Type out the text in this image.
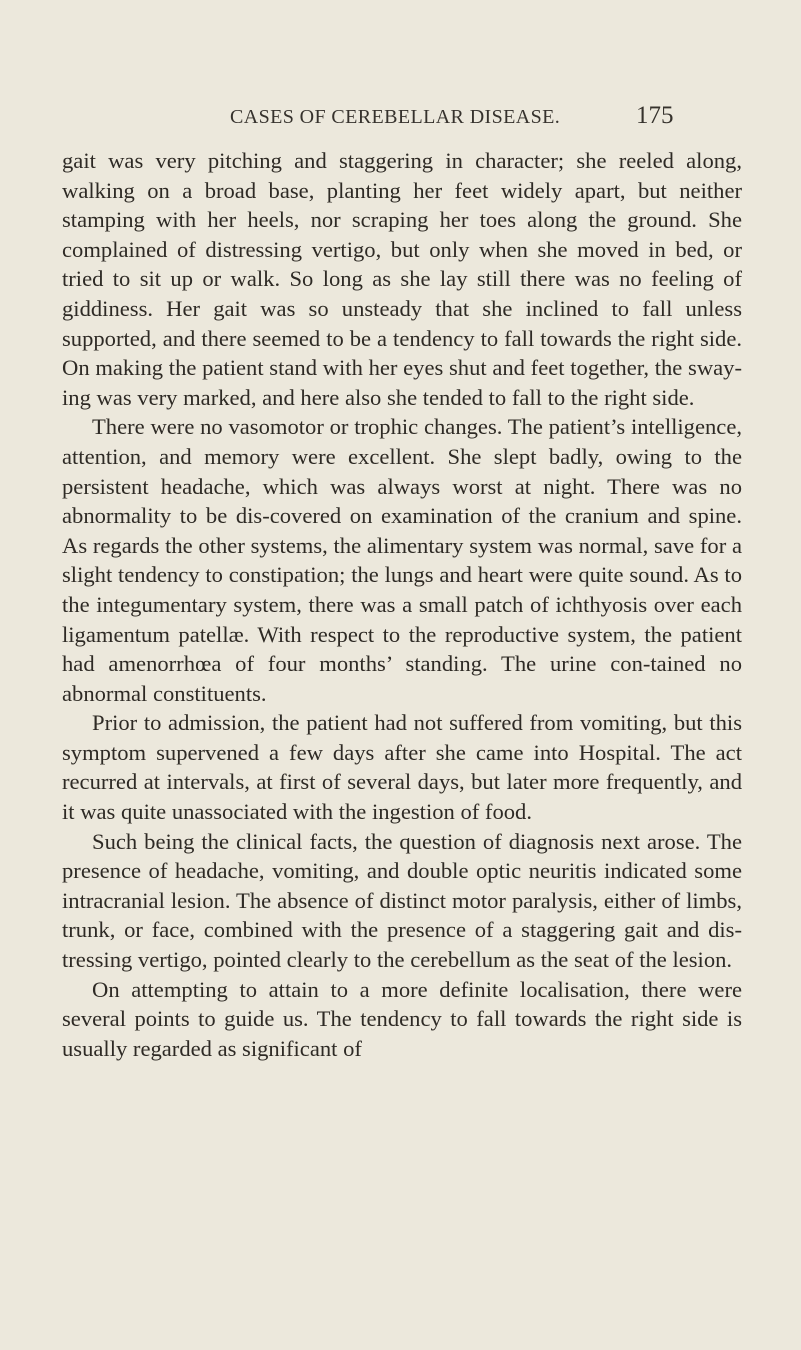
CASES OF CEREBELLAR DISEASE.	175

gait was very pitching and staggering in character; she reeled along, walking on a broad base, planting her feet widely apart, but neither stamping with her heels, nor scraping her toes along the ground. She complained of distressing vertigo, but only when she moved in bed, or tried to sit up or walk. So long as she lay still there was no feeling of giddiness. Her gait was so unsteady that she inclined to fall unless supported, and there seemed to be a tendency to fall towards the right side. On making the patient stand with her eyes shut and feet together, the sway-ing was very marked, and here also she tended to fall to the right side.

There were no vasomotor or trophic changes. The patient’s intelligence, attention, and memory were excellent. She slept badly, owing to the persistent headache, which was always worst at night. There was no abnormality to be dis-covered on examination of the cranium and spine. As regards the other systems, the alimentary system was normal, save for a slight tendency to constipation; the lungs and heart were quite sound. As to the integumentary system, there was a small patch of ichthyosis over each ligamentum patellæ. With respect to the reproductive system, the patient had amenorrhœa of four months’ standing. The urine con-tained no abnormal constituents.

Prior to admission, the patient had not suffered from vomiting, but this symptom supervened a few days after she came into Hospital. The act recurred at intervals, at first of several days, but later more frequently, and it was quite unassociated with the ingestion of food.

Such being the clinical facts, the question of diagnosis next arose. The presence of headache, vomiting, and double optic neuritis indicated some intracranial lesion. The absence of distinct motor paralysis, either of limbs, trunk, or face, combined with the presence of a staggering gait and dis-tressing vertigo, pointed clearly to the cerebellum as the seat of the lesion.

On attempting to attain to a more definite localisation, there were several points to guide us. The tendency to fall towards the right side is usually regarded as significant of
